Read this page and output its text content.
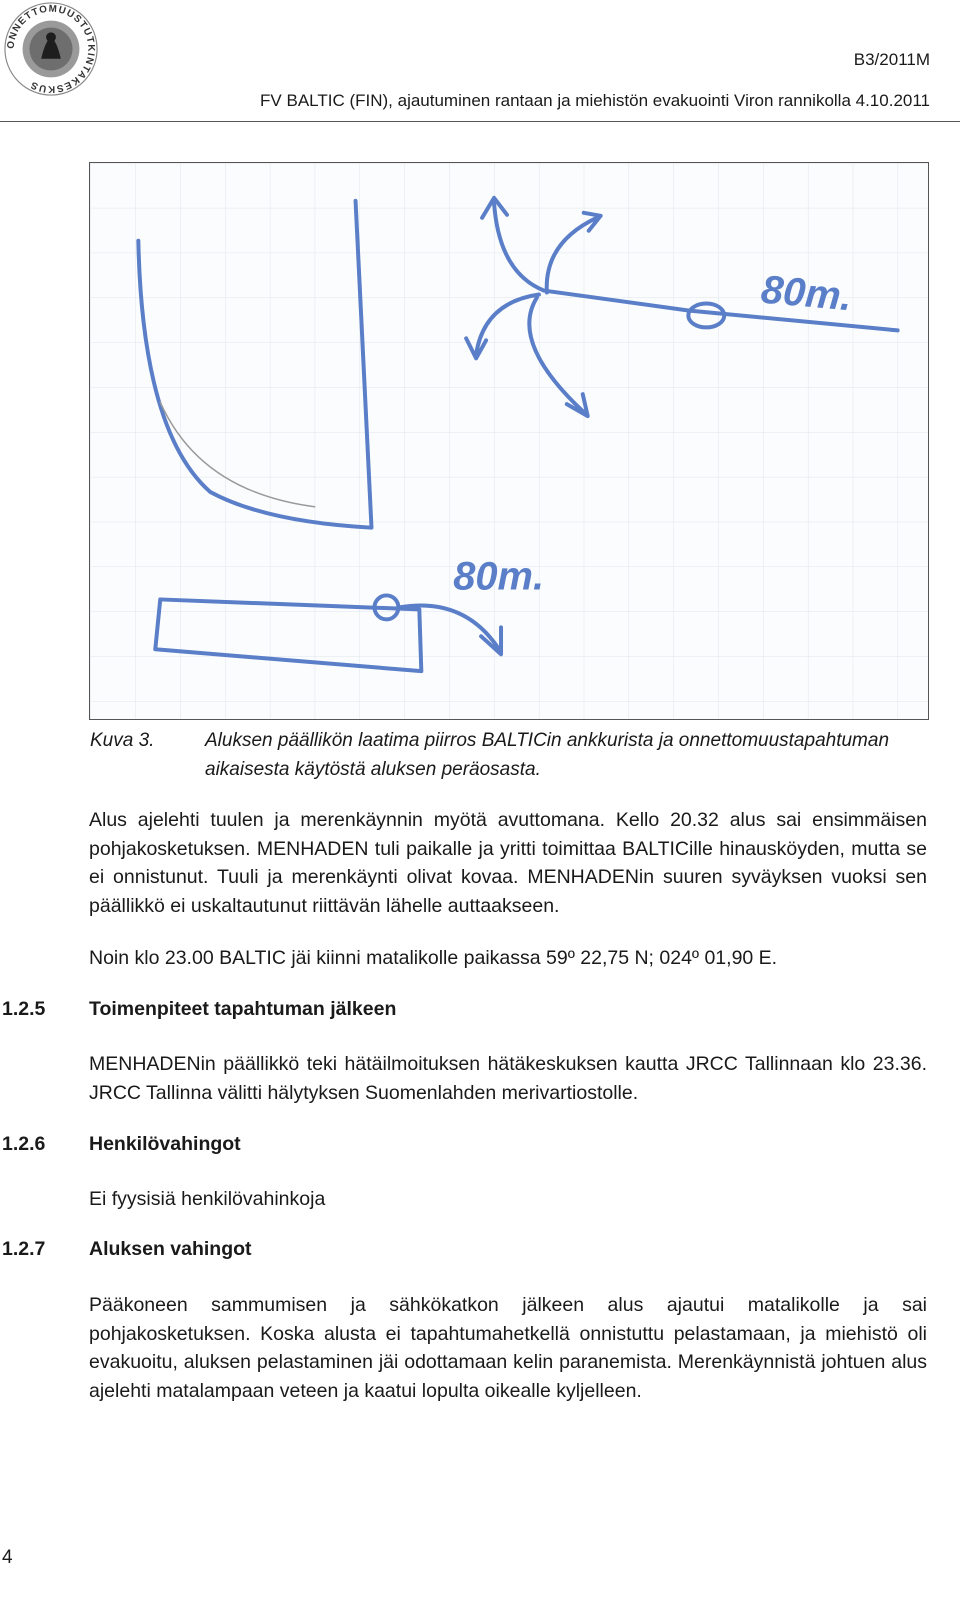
ONNETTOMUUSTUTKINTAKESKUS
B3/2011M
FV BALTIC (FIN), ajautuminen rantaan ja miehistön evakuointi Viron rannikolla 4.10.2011
80m.
80m.
Kuva 3.	Aluksen päällikön laatima piirros BALTICin ankkurista ja onnettomuustapahtuman aikaisesta käytöstä aluksen peräosasta.

Alus ajelehti tuulen ja merenkäynnin myötä avuttomana. Kello 20.32 alus sai ensimmäisen pohjakosketuksen. MENHADEN tuli paikalle ja yritti toimittaa BALTICille hinausköyden, mutta se ei onnistunut. Tuuli ja merenkäynti olivat kovaa. MENHADENin suuren syväyksen vuoksi sen päällikkö ei uskaltautunut riittävän lähelle auttaakseen.

Noin klo 23.00 BALTIC jäi kiinni matalikolle paikassa 59º 22,75 N; 024º 01,90 E.

1.2.5 Toimenpiteet tapahtuman jälkeen

MENHADENin päällikkö teki hätäilmoituksen hätäkeskuksen kautta JRCC Tallinnaan klo 23.36. JRCC Tallinna välitti hälytyksen Suomenlahden merivartiostolle.

1.2.6 Henkilövahingot

Ei fyysisiä henkilövahinkoja

1.2.7 Aluksen vahingot

Pääkoneen sammumisen ja sähkökatkon jälkeen alus ajautui matalikolle ja sai pohjakosketuksen. Koska alusta ei tapahtumahetkellä onnistuttu pelastamaan, ja miehistö oli evakuoitu, aluksen pelastaminen jäi odottamaan kelin paranemista. Merenkäynnistä johtuen alus ajelehti matalampaan veteen ja kaatui lopulta oikealle kyljelleen.

4
